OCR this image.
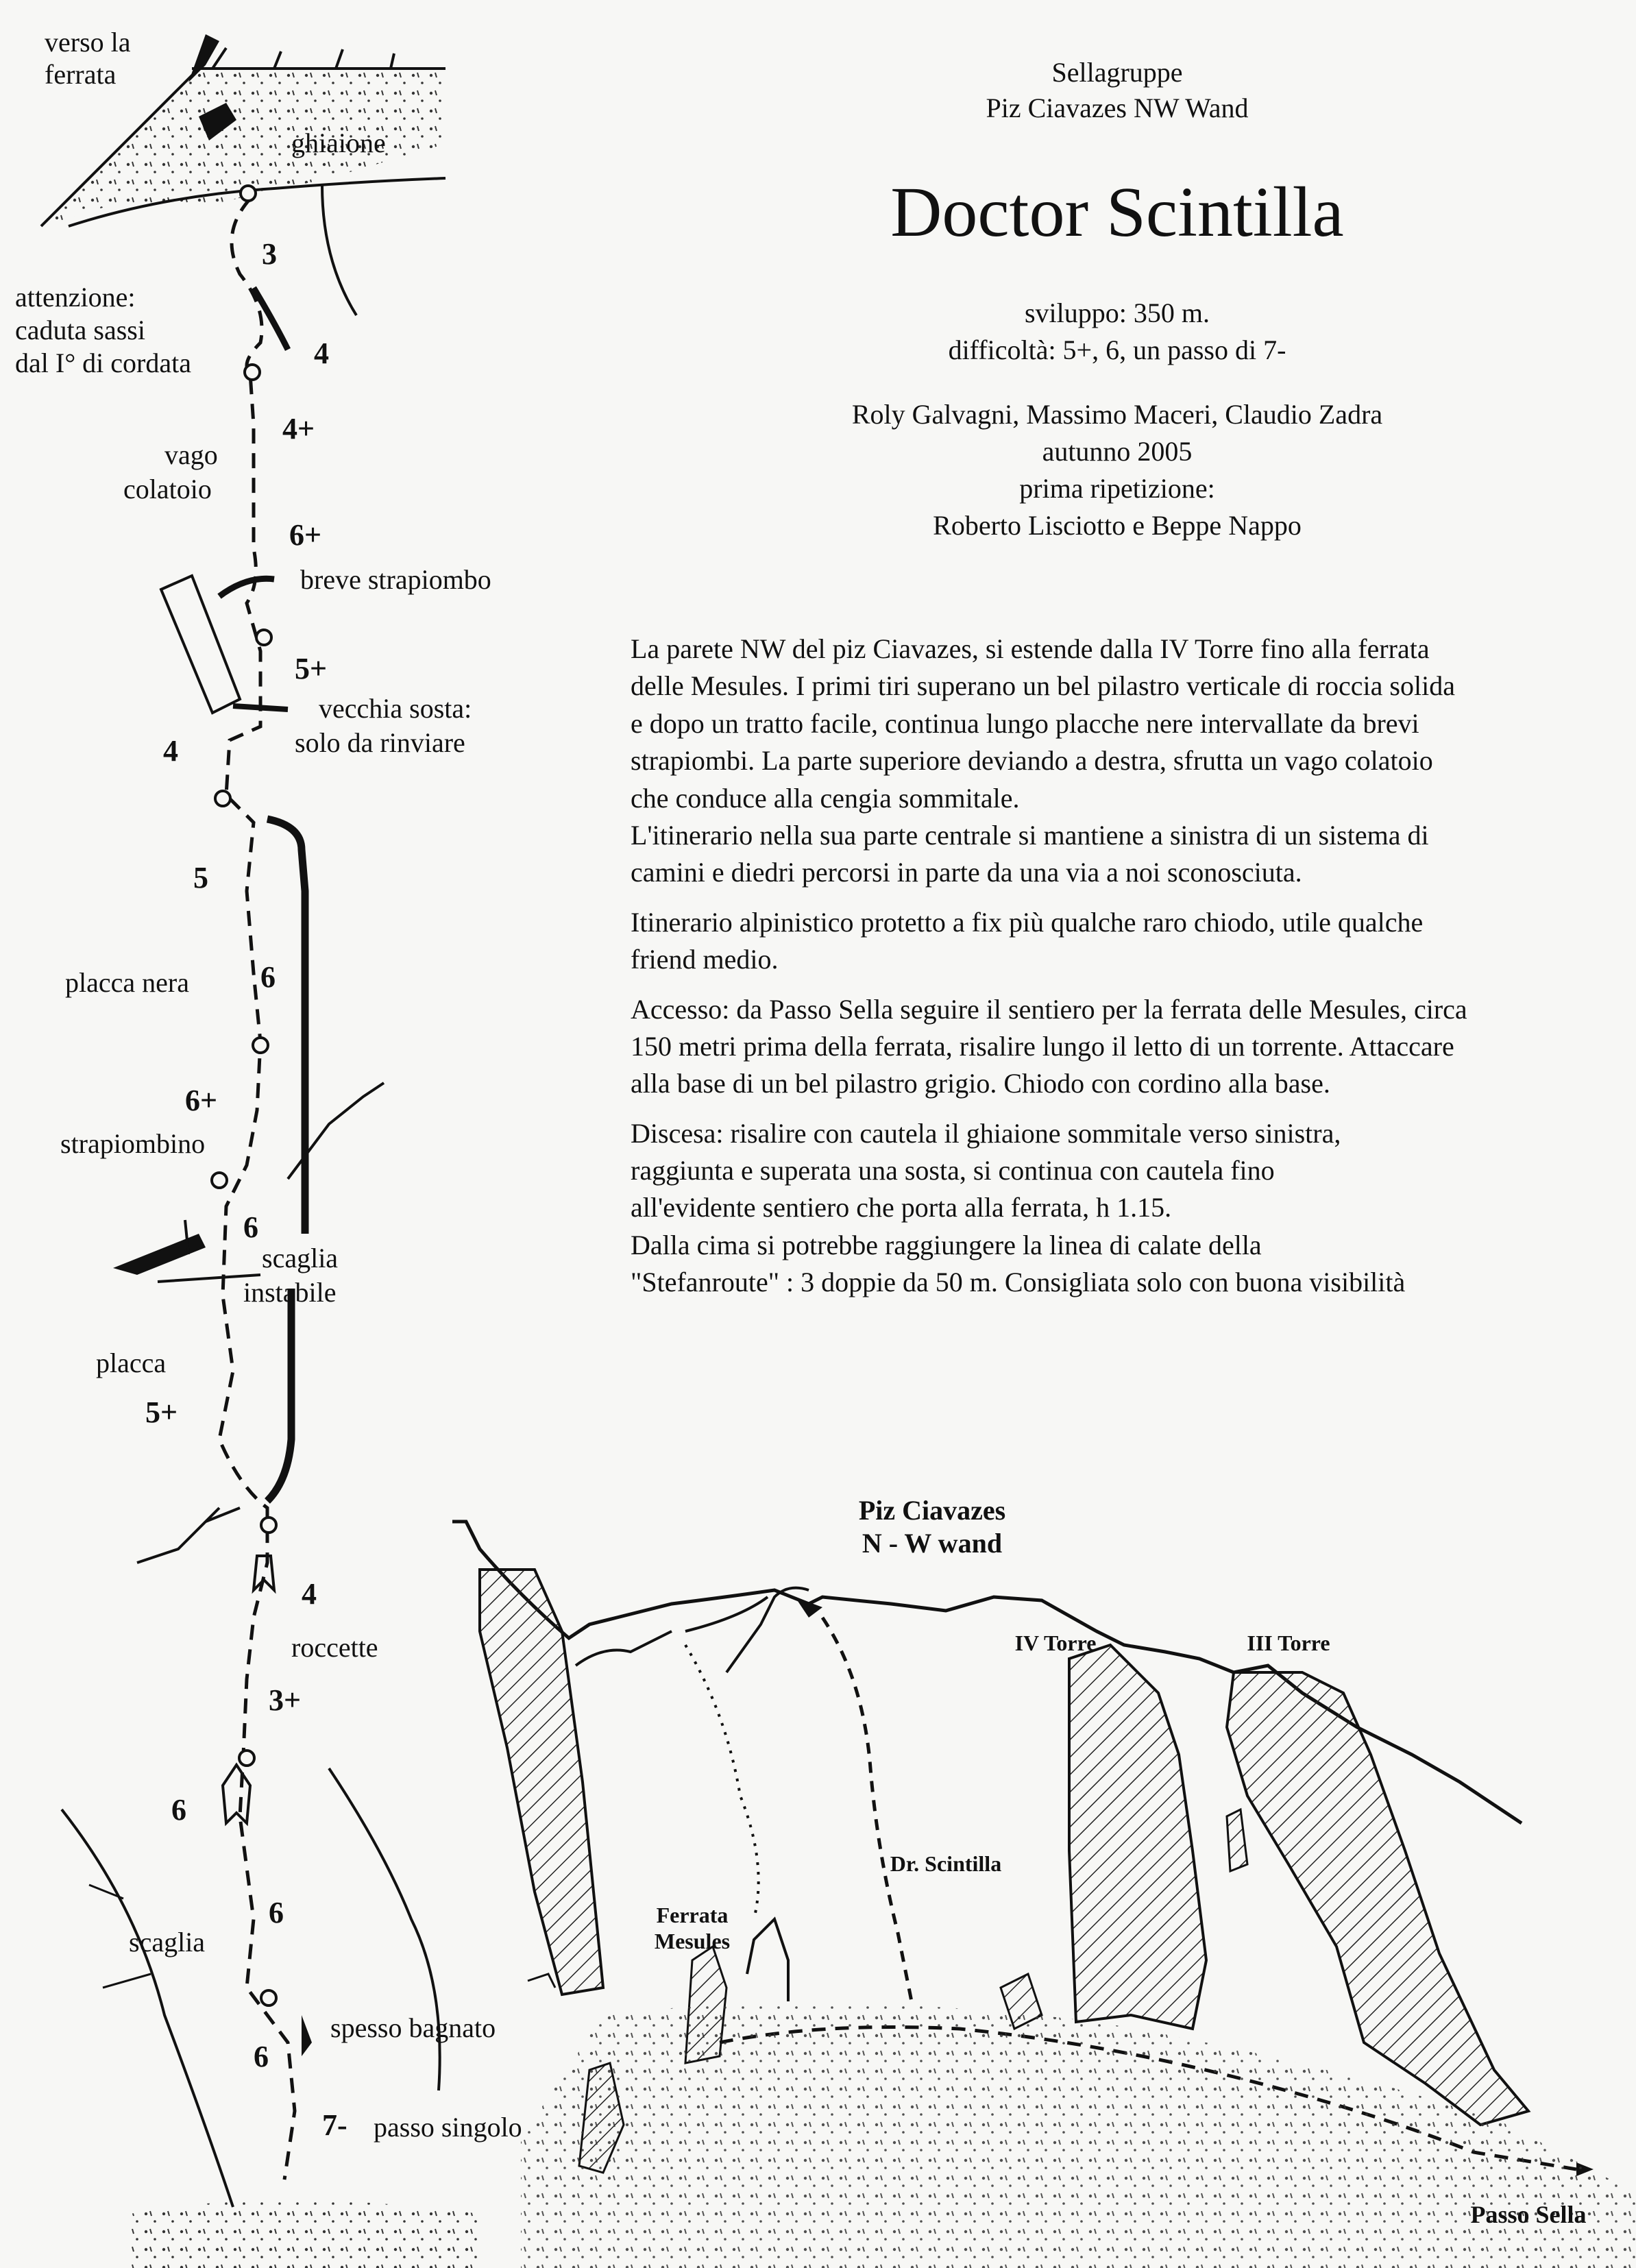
Sellagruppe
Piz Ciavazes NW Wand
Doctor Scintilla
sviluppo: 350 m.
difficoltà: 5+, 6, un passo di 7-
Roly Galvagni, Massimo Maceri, Claudio Zadra
autunno 2005
prima ripetizione:
Roberto Lisciotto e Beppe Nappo

La parete NW del piz Ciavazes, si estende dalla IV Torre fino alla ferrata
delle Mesules. I primi tiri superano un bel pilastro verticale di roccia solida
e dopo un tratto facile, continua lungo placche nere intervallate da brevi
strapiombi. La parte superiore deviando a destra, sfrutta un vago colatoio
che conduce alla cengia sommitale.
L'itinerario nella sua parte centrale si mantiene a sinistra di un sistema di
camini e diedri percorsi in parte da una via a noi sconosciuta.

Itinerario alpinistico protetto a fix più qualche raro chiodo, utile qualche
friend medio.

Accesso: da Passo Sella seguire il sentiero per la ferrata delle Mesules, circa
150 metri prima della ferrata, risalire lungo il letto di un torrente. Attaccare
alla base di un bel pilastro grigio. Chiodo con cordino alla base.

Discesa: risalire con cautela il ghiaione sommitale verso sinistra,
raggiunta e superata una sosta, si continua con cautela fino
all'evidente sentiero che porta alla ferrata, h 1.15.
Dalla cima si potrebbe raggiungere la linea di calate della
"Stefanroute" : 3 doppie da 50 m. Consigliata solo con buona visibilità

verso la
ferrata
ghiaione
attenzione:
caduta sassi
dal I° di cordata
vago
colatoio
breve strapiombo
vecchia sosta:
solo da rinviare
placca nera
strapiombino
scaglia
instabile
placca
roccette
scaglia
spesso bagnato
passo singolo
3
4
4+
6+
5+
4
5
6
6+
6
5+
4
3+
6
6
6
7-
Piz Ciavazes
N - W wand
IV Torre	III Torre
Dr. Scintilla
Ferrata
Mesules
Passo Sella
